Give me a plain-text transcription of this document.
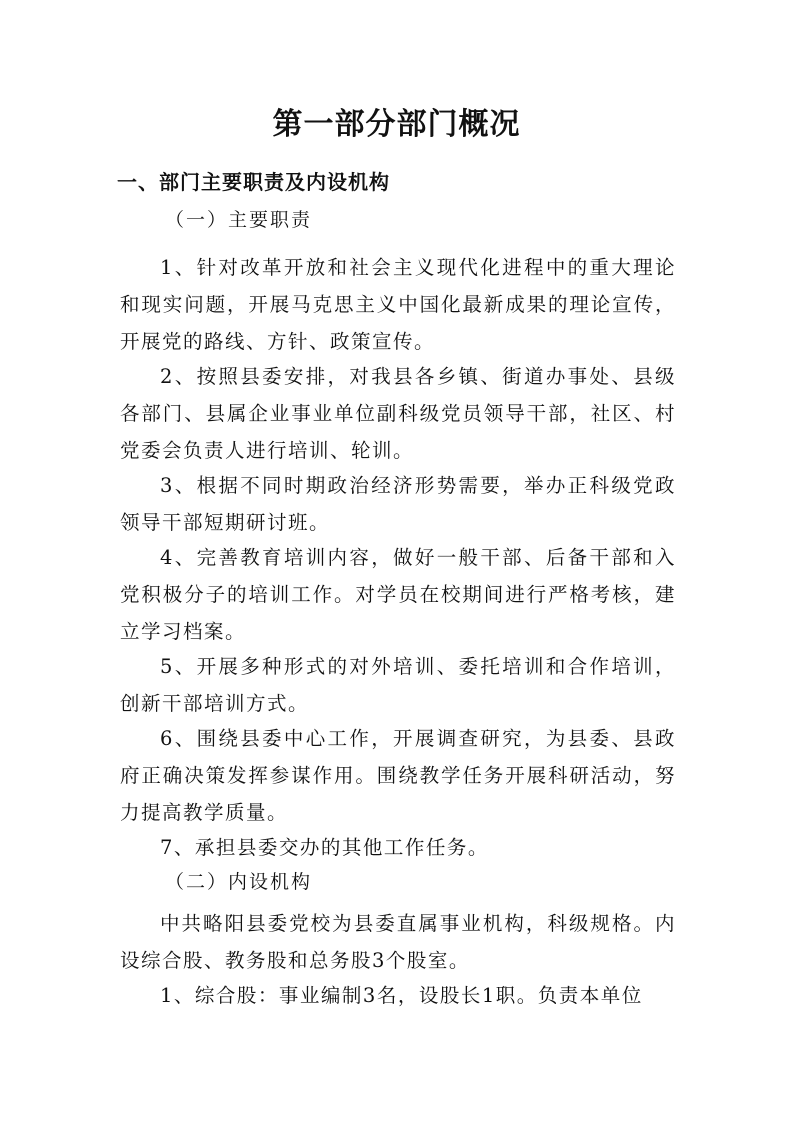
第一部分部门概况
一、部门主要职责及内设机构
（一）主要职责

1、针对改革开放和社会主义现代化进程中的重大理论和现实问题，开展马克思主义中国化最新成果的理论宣传，开展党的路线、方针、政策宣传。

2、按照县委安排，对我县各乡镇、街道办事处、县级各部门、县属企业事业单位副科级党员领导干部，社区、村党委会负责人进行培训、轮训。

3、根据不同时期政治经济形势需要，举办正科级党政领导干部短期研讨班。

4、完善教育培训内容，做好一般干部、后备干部和入党积极分子的培训工作。对学员在校期间进行严格考核，建立学习档案。

5、开展多种形式的对外培训、委托培训和合作培训，创新干部培训方式。

6、围绕县委中心工作，开展调查研究，为县委、县政府正确决策发挥参谋作用。围绕教学任务开展科研活动，努力提高教学质量。

7、承担县委交办的其他工作任务。

（二）内设机构

中共略阳县委党校为县委直属事业机构，科级规格。内设综合股、教务股和总务股3个股室。

1、综合股：事业编制3名，设股长1职。负责本单位
